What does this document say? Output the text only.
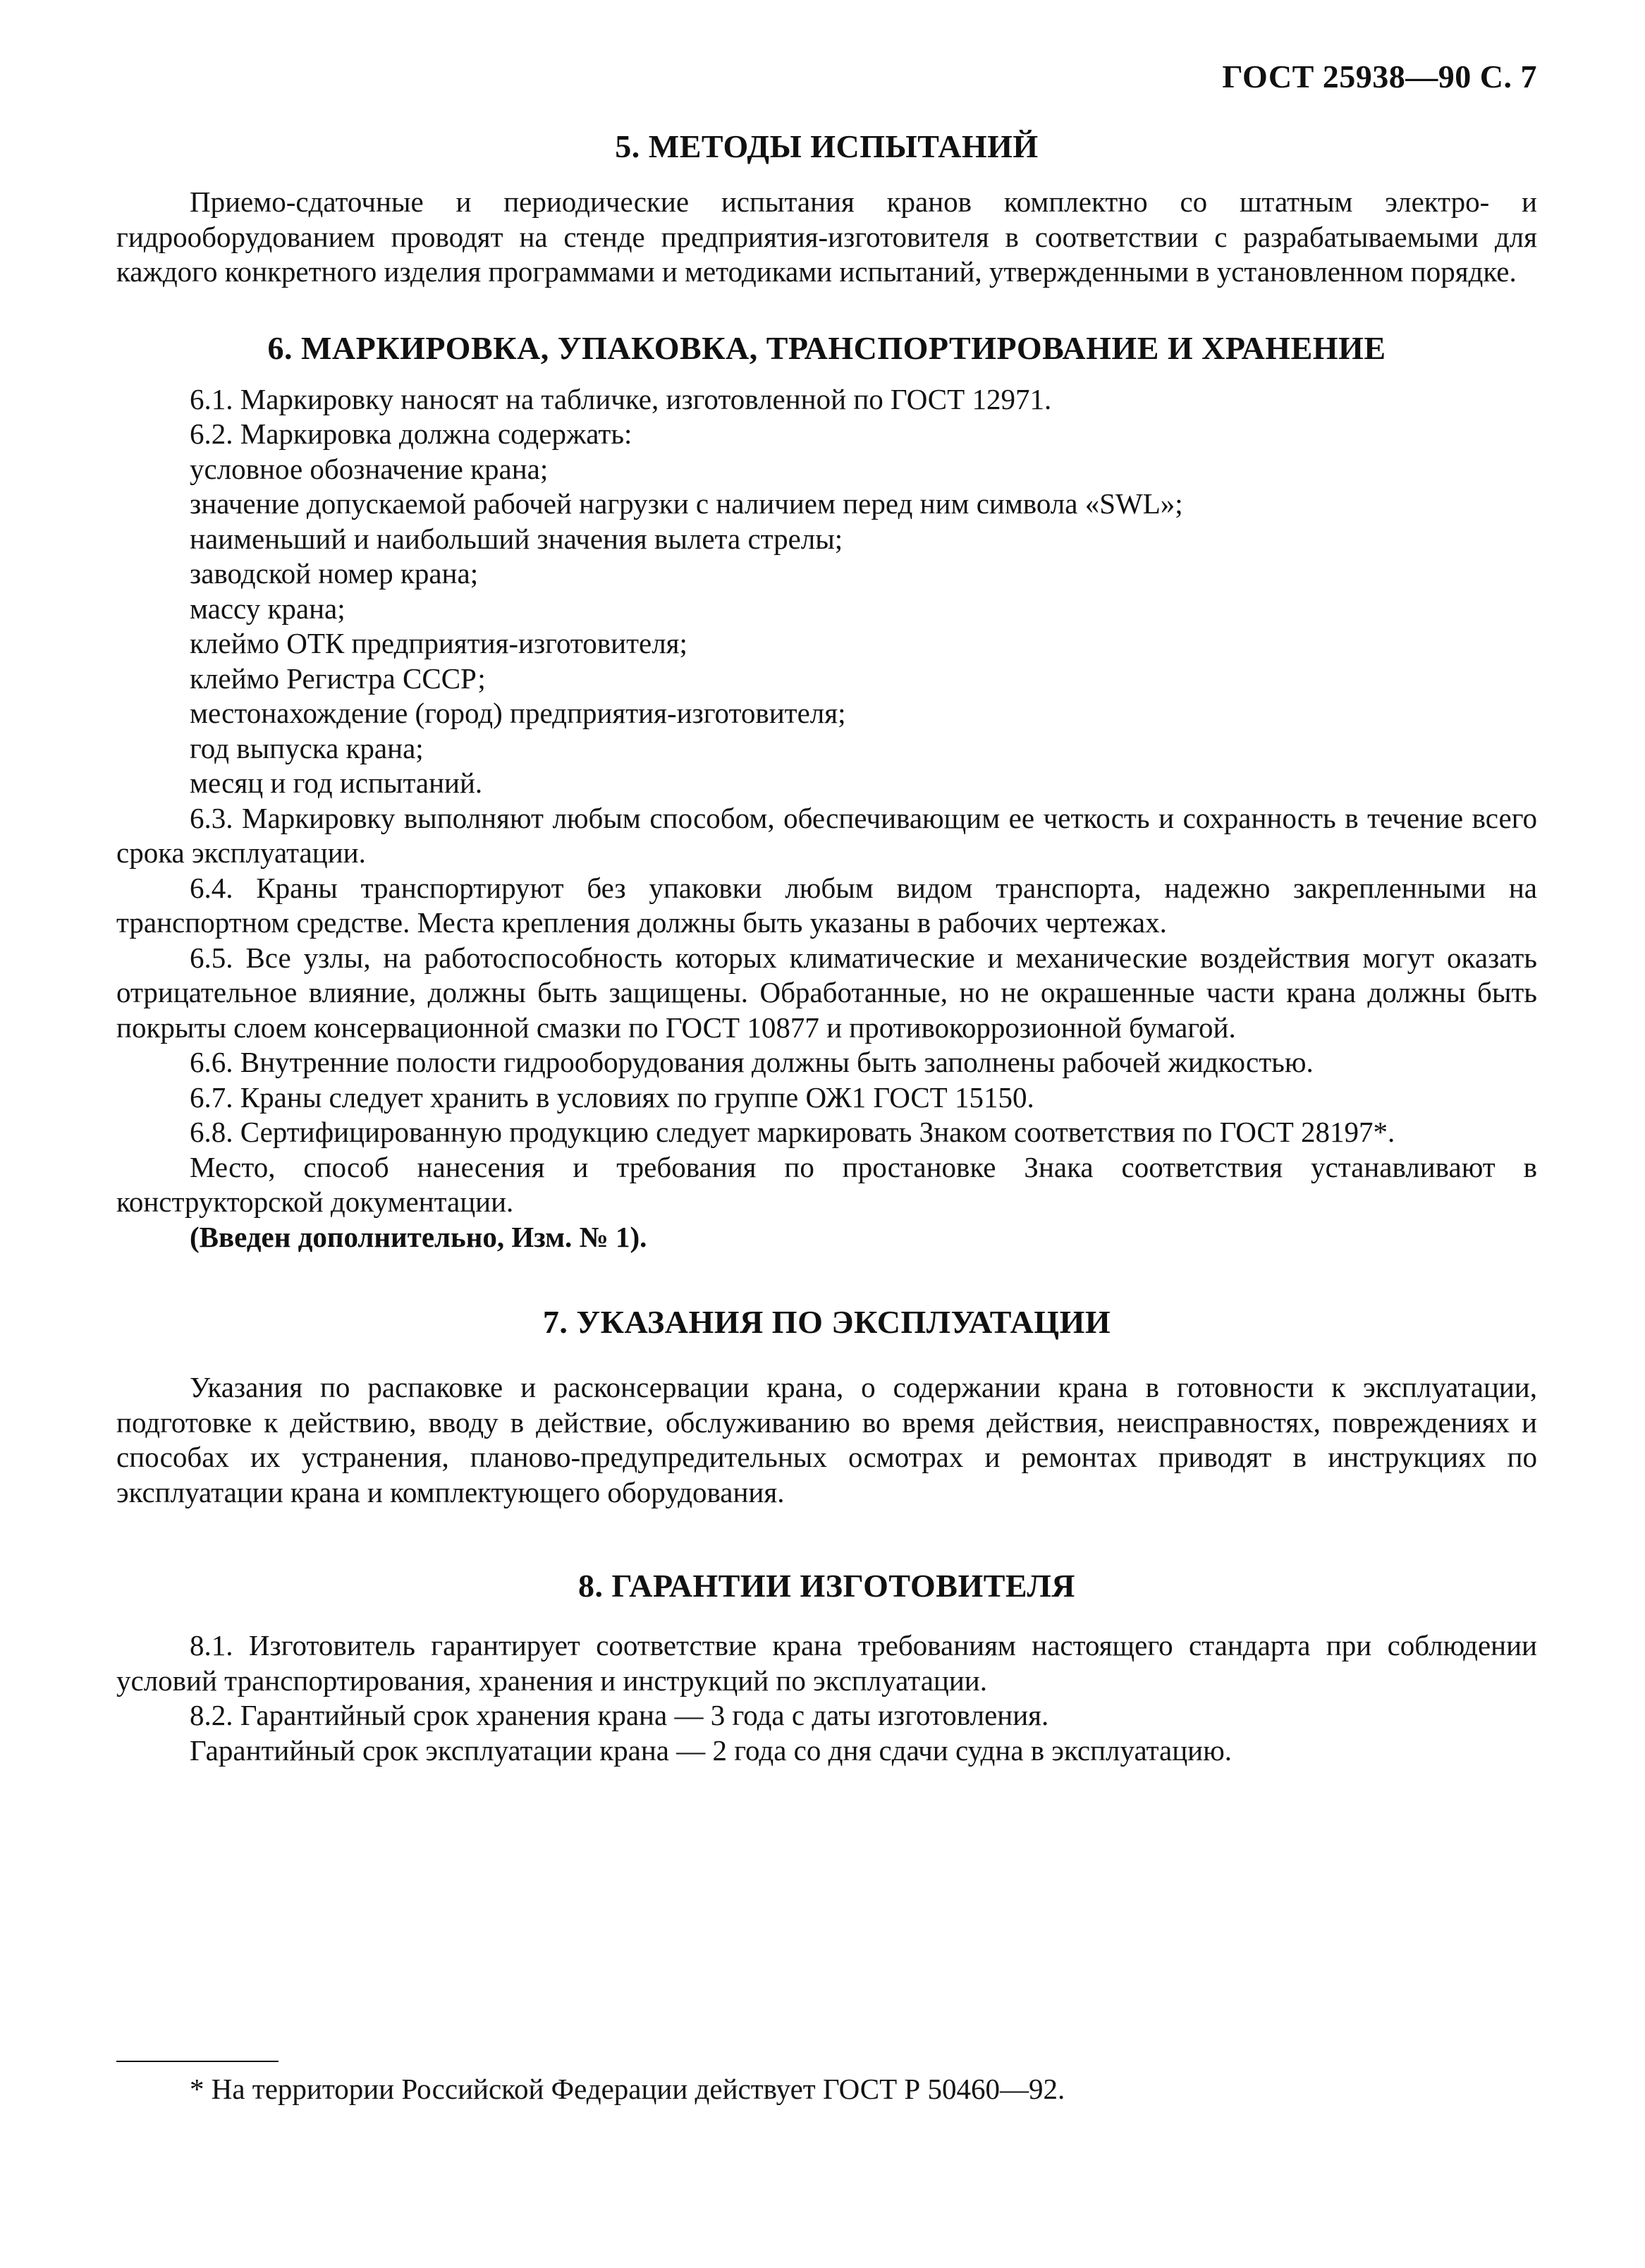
ГОСТ 25938—90 С. 7
5. МЕТОДЫ ИСПЫТАНИЙ

Приемо-сдаточные и периодические испытания кранов комплектно со штатным электро- и гидрооборудованием проводят на стенде предприятия-изготовителя в соответствии с разрабатываемыми для каждого конкретного изделия программами и методиками испытаний, утвержденными в установленном порядке.

6. МАРКИРОВКА, УПАКОВКА, ТРАНСПОРТИРОВАНИЕ И ХРАНЕНИЕ

6.1. Маркировку наносят на табличке, изготовленной по ГОСТ 12971.

6.2. Маркировка должна содержать:

условное обозначение крана;

значение допускаемой рабочей нагрузки с наличием перед ним символа «SWL»;

наименьший и наибольший значения вылета стрелы;

заводской номер крана;

массу крана;

клеймо ОТК предприятия-изготовителя;

клеймо Регистра СССР;

местонахождение (город) предприятия-изготовителя;

год выпуска крана;

месяц и год испытаний.

6.3. Маркировку выполняют любым способом, обеспечивающим ее четкость и сохранность в течение всего срока эксплуатации.

6.4. Краны транспортируют без упаковки любым видом транспорта, надежно закрепленными на транспортном средстве. Места крепления должны быть указаны в рабочих чертежах.

6.5. Все узлы, на работоспособность которых климатические и механические воздействия могут оказать отрицательное влияние, должны быть защищены. Обработанные, но не окрашенные части крана должны быть покрыты слоем консервационной смазки по ГОСТ 10877 и противокоррозионной бумагой.

6.6. Внутренние полости гидрооборудования должны быть заполнены рабочей жидкостью.

6.7. Краны следует хранить в условиях по группе ОЖ1 ГОСТ 15150.

6.8. Сертифицированную продукцию следует маркировать Знаком соответствия по ГОСТ 28197*.

Место, способ нанесения и требования по простановке Знака соответствия устанавливают в конструкторской документации.

(Введен дополнительно, Изм. № 1).

7. УКАЗАНИЯ ПО ЭКСПЛУАТАЦИИ

Указания по распаковке и расконсервации крана, о содержании крана в готовности к эксплуатации, подготовке к действию, вводу в действие, обслуживанию во время действия, неисправностях, повреждениях и способах их устранения, планово-предупредительных осмотрах и ремонтах приводят в инструкциях по эксплуатации крана и комплектующего оборудования.

8. ГАРАНТИИ ИЗГОТОВИТЕЛЯ

8.1. Изготовитель гарантирует соответствие крана требованиям настоящего стандарта при соблюдении условий транспортирования, хранения и инструкций по эксплуатации.

8.2. Гарантийный срок хранения крана — 3 года с даты изготовления.

Гарантийный срок эксплуатации крана — 2 года со дня сдачи судна в эксплуатацию.

* На территории Российской Федерации действует ГОСТ Р 50460—92.
